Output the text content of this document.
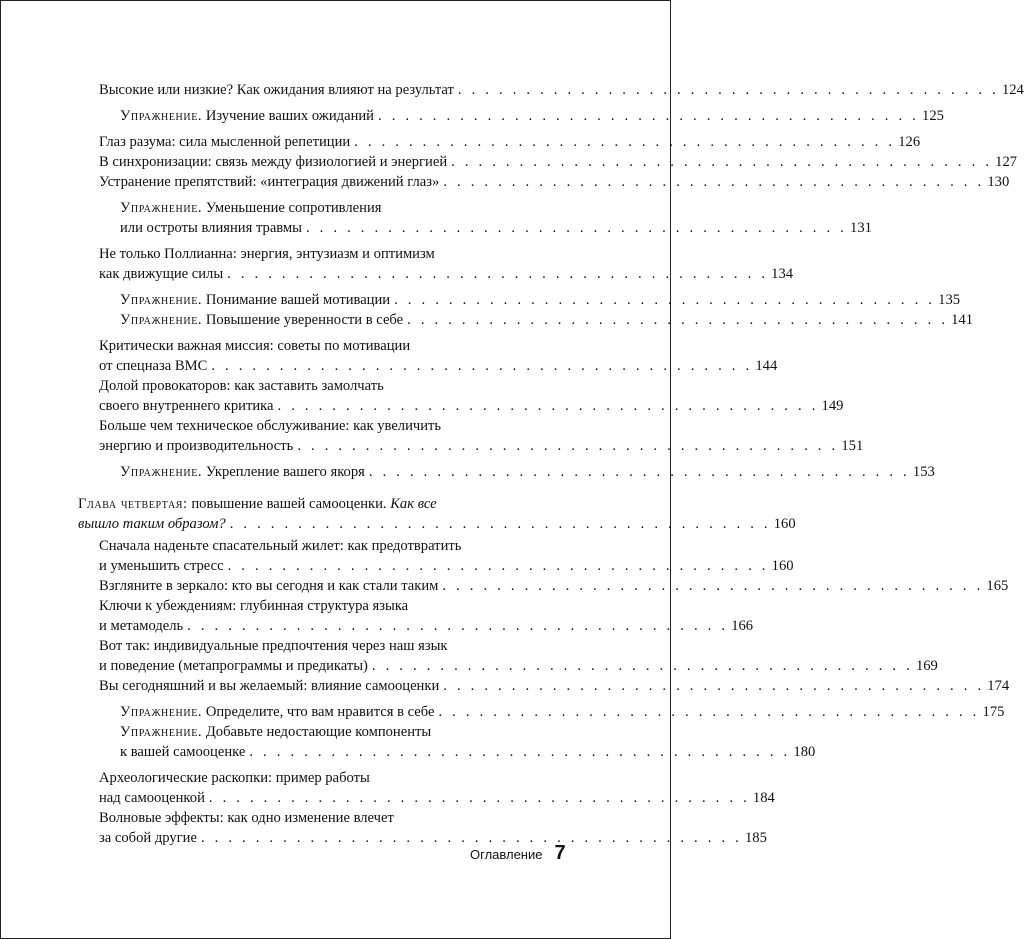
Высокие или низкие? Как ожидания влияют на результат . . . . . . . . . . . . . . . . . . . . . . . . . . . . . . . . . . . . . . . . 124
Упражнение. Изучение ваших ожиданий . . . . . . . . . . . . . . . . . . . . . . . . . . . . . . . . . . . . . . . . 125
Глаз разума: сила мысленной репетиции . . . . . . . . . . . . . . . . . . . . . . . . . . . . . . . . . . . . . . . . 126
В синхронизации: связь между физиологией и энергией . . . . . . . . . . . . . . . . . . . . . . . . . . . . . . . . . . . . . . . . 127
Устранение препятствий: «интеграция движений глаз» . . . . . . . . . . . . . . . . . . . . . . . . . . . . . . . . . . . . . . . . 130
Упражнение. Уменьшение сопротивления
или остроты влияния травмы . . . . . . . . . . . . . . . . . . . . . . . . . . . . . . . . . . . . . . . . 131
Не только Поллианна: энергия, энтузиазм и оптимизм
как движущие силы . . . . . . . . . . . . . . . . . . . . . . . . . . . . . . . . . . . . . . . . 134
Упражнение. Понимание вашей мотивации . . . . . . . . . . . . . . . . . . . . . . . . . . . . . . . . . . . . . . . . 135
Упражнение. Повышение уверенности в себе . . . . . . . . . . . . . . . . . . . . . . . . . . . . . . . . . . . . . . . . 141
Критически важная миссия: советы по мотивации
от спецназа ВМС . . . . . . . . . . . . . . . . . . . . . . . . . . . . . . . . . . . . . . . . 144
Долой провокаторов: как заставить замолчать
своего внутреннего критика . . . . . . . . . . . . . . . . . . . . . . . . . . . . . . . . . . . . . . . . 149
Больше чем техническое обслуживание: как увеличить
энергию и производительность . . . . . . . . . . . . . . . . . . . . . . . . . . . . . . . . . . . . . . . . 151
Упражнение. Укрепление вашего якоря . . . . . . . . . . . . . . . . . . . . . . . . . . . . . . . . . . . . . . . . 153
Глава четвертая: повышение вашей самооценки. Как все
вышло таким образом? . . . . . . . . . . . . . . . . . . . . . . . . . . . . . . . . . . . . . . . . 160
Сначала наденьте спасательный жилет: как предотвратить
и уменьшить стресс . . . . . . . . . . . . . . . . . . . . . . . . . . . . . . . . . . . . . . . . 160
Взгляните в зеркало: кто вы сегодня и как стали таким . . . . . . . . . . . . . . . . . . . . . . . . . . . . . . . . . . . . . . . . 165
Ключи к убеждениям: глубинная структура языка
и метамодель . . . . . . . . . . . . . . . . . . . . . . . . . . . . . . . . . . . . . . . . 166
Вот так: индивидуальные предпочтения через наш язык
и поведение (метапрограммы и предикаты) . . . . . . . . . . . . . . . . . . . . . . . . . . . . . . . . . . . . . . . . 169
Вы сегодняшний и вы желаемый: влияние самооценки . . . . . . . . . . . . . . . . . . . . . . . . . . . . . . . . . . . . . . . . 174
Упражнение. Определите, что вам нравится в себе . . . . . . . . . . . . . . . . . . . . . . . . . . . . . . . . . . . . . . . . 175
Упражнение. Добавьте недостающие компоненты
к вашей самооценке . . . . . . . . . . . . . . . . . . . . . . . . . . . . . . . . . . . . . . . . 180
Археологические раскопки: пример работы
над самооценкой . . . . . . . . . . . . . . . . . . . . . . . . . . . . . . . . . . . . . . . . 184
Волновые эффекты: как одно изменение влечет
за собой другие . . . . . . . . . . . . . . . . . . . . . . . . . . . . . . . . . . . . . . . . 185
Оглавление 7
